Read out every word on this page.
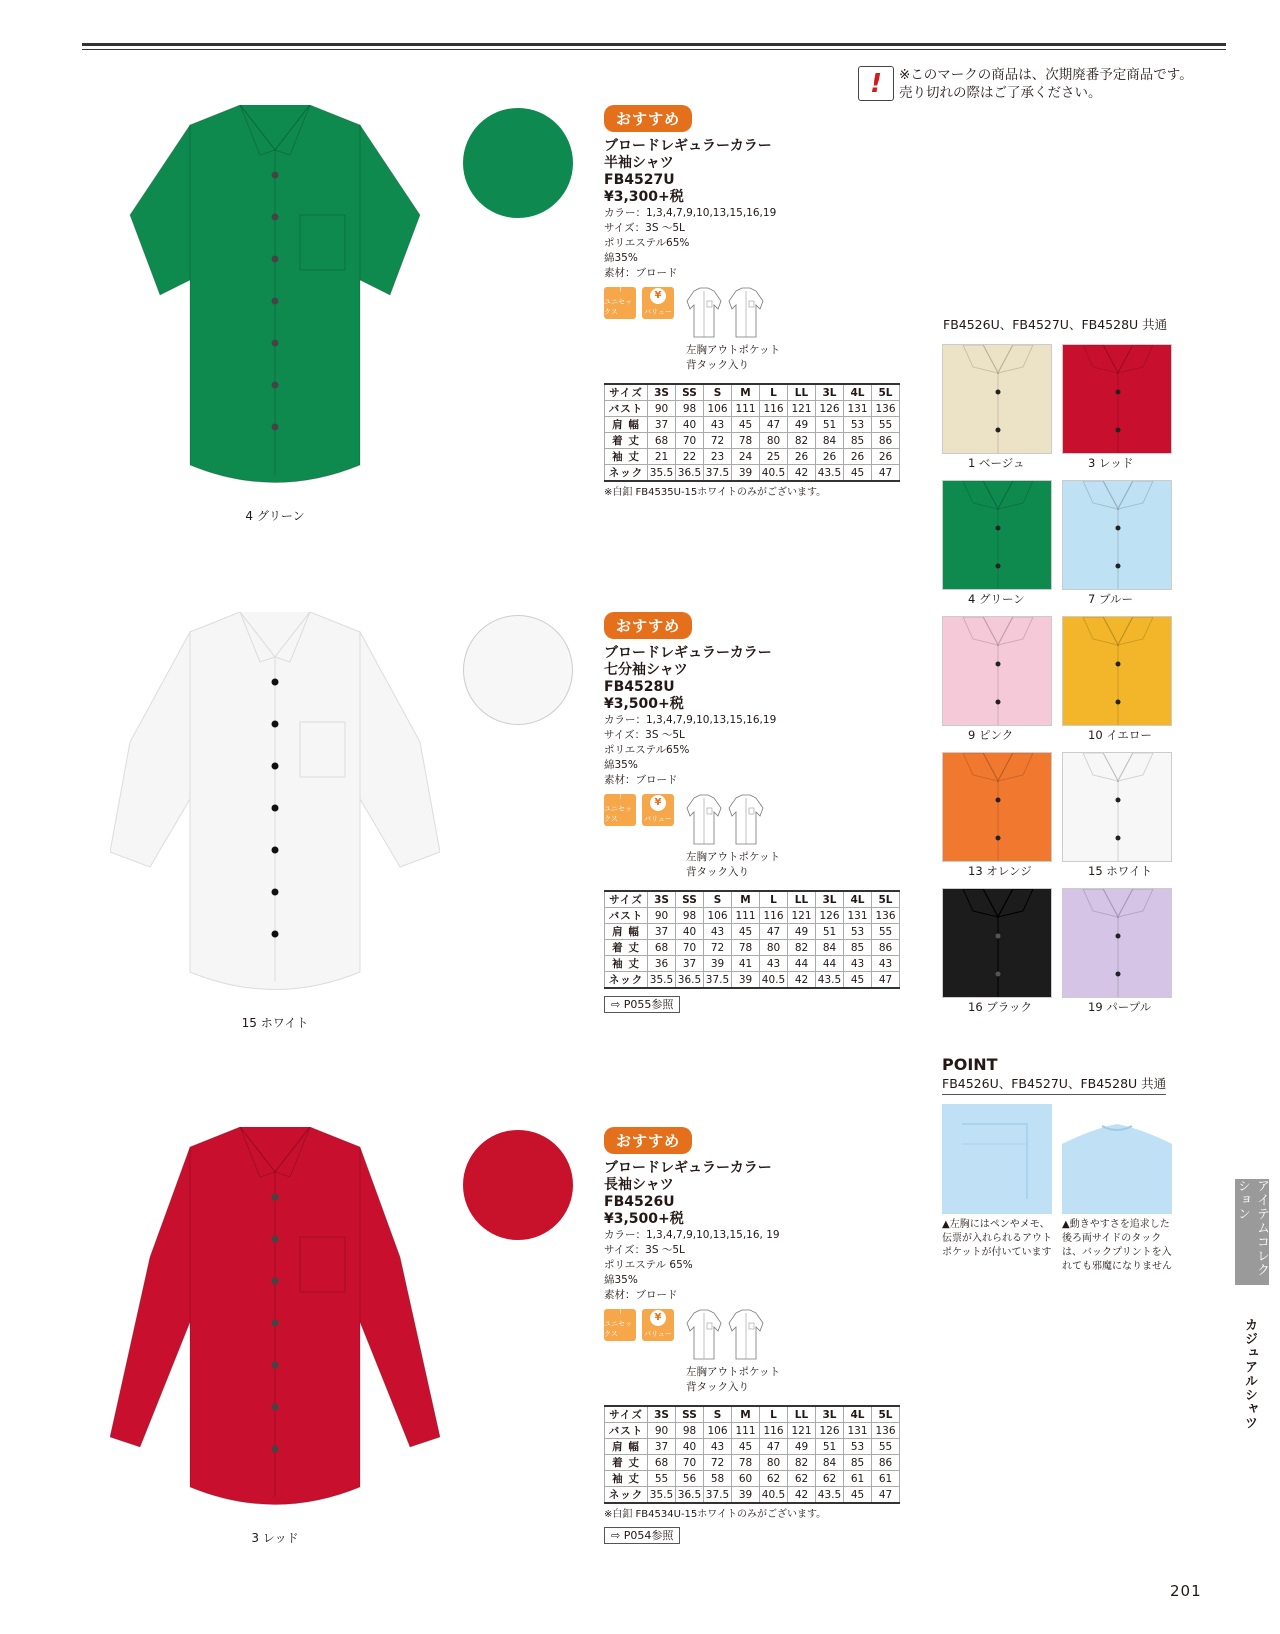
! ※このマークの商品は、次期廃番予定商品です。
売り切れの際はご了承ください。
4 グリーン
おすすめ
ブロードレギュラーカラー
半袖シャツ
FB4527U
¥3,300+税
カラー：1,3,4,7,9,10,13,15,16,19
サイズ：3S ～5L
ポリエステル65%
綿35%
素材：ブロード
⫯
ユニセックス
¥
バリュー
左胸アウトポケット
背タック入り
サイズ	3S	SS	S	M	L	LL	3L	4L	5L
バスト	90	98	106	111	116	121	126	131	136
肩 幅	37	40	43	45	47	49	51	53	55
着 丈	68	70	72	78	80	82	84	85	86
袖 丈	21	22	23	24	25	26	26	26	26
ネック	35.5	36.5	37.5	39	40.5	42	43.5	45	47
※白釦 FB4535U-15ホワイトのみがございます。
15 ホワイト
おすすめ
ブロードレギュラーカラー
七分袖シャツ
FB4528U
¥3,500+税
カラー：1,3,4,7,9,10,13,15,16,19
サイズ：3S ～5L
ポリエステル65%
綿35%
素材：ブロード
⫯
ユニセックス
¥
バリュー
左胸アウトポケット
背タック入り
サイズ	3S	SS	S	M	L	LL	3L	4L	5L
バスト	90	98	106	111	116	121	126	131	136
肩 幅	37	40	43	45	47	49	51	53	55
着 丈	68	70	72	78	80	82	84	85	86
袖 丈	36	37	39	41	43	44	44	43	43
ネック	35.5	36.5	37.5	39	40.5	42	43.5	45	47
⇨ P055参照
3 レッド
おすすめ
ブロードレギュラーカラー
長袖シャツ
FB4526U
¥3,500+税
カラー：1,3,4,7,9,10,13,15,16, 19
サイズ：3S ～5L
ポリエステル 65%
綿35%
素材：ブロード
⫯
ユニセックス
¥
バリュー
左胸アウトポケット
背タック入り
サイズ	3S	SS	S	M	L	LL	3L	4L	5L
バスト	90	98	106	111	116	121	126	131	136
肩 幅	37	40	43	45	47	49	51	53	55
着 丈	68	70	72	78	80	82	84	85	86
袖 丈	55	56	58	60	62	62	62	61	61
ネック	35.5	36.5	37.5	39	40.5	42	43.5	45	47
※白釦 FB4534U-15ホワイトのみがございます。
⇨ P054参照
FB4526U、FB4527U、FB4528U 共通
1 ベージュ	3 レッド
4 グリーン	7 ブルー
9 ピンク	10 イエロー
13 オレンジ	15 ホワイト
16 ブラック	19 パープル
POINT
FB4526U、FB4527U、FB4528U 共通
▲左胸にはペンやメモ、伝票が入れられるアウトポケットが付いています
▲動きやすさを追求した後ろ両サイドのタックは、バックプリントを入れても邪魔になりません	アイテムコレクション
カジュアルシャツ
201
